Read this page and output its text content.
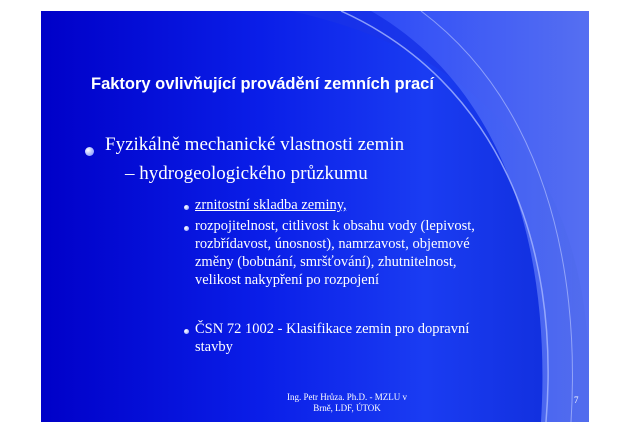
Faktory ovlivňující provádění zemních prací
Fyzikálně mechanické vlastnosti zemin
– hydrogeologického průzkumu
zrnitostní skladba zeminy,
rozpojitelnost, citlivost k obsahu vody (lepivost,
rozbřídavost, únosnost), namrzavost, objemové
změny (bobtnání, smršťování), zhutnitelnost,
velikost nakypření po rozpojení
ČSN 72 1002 - Klasifikace zemin pro dopravní
stavby
Ing. Petr Hrůza. Ph.D. - MZLU v
Brně, LDF, ÚTOK
7
